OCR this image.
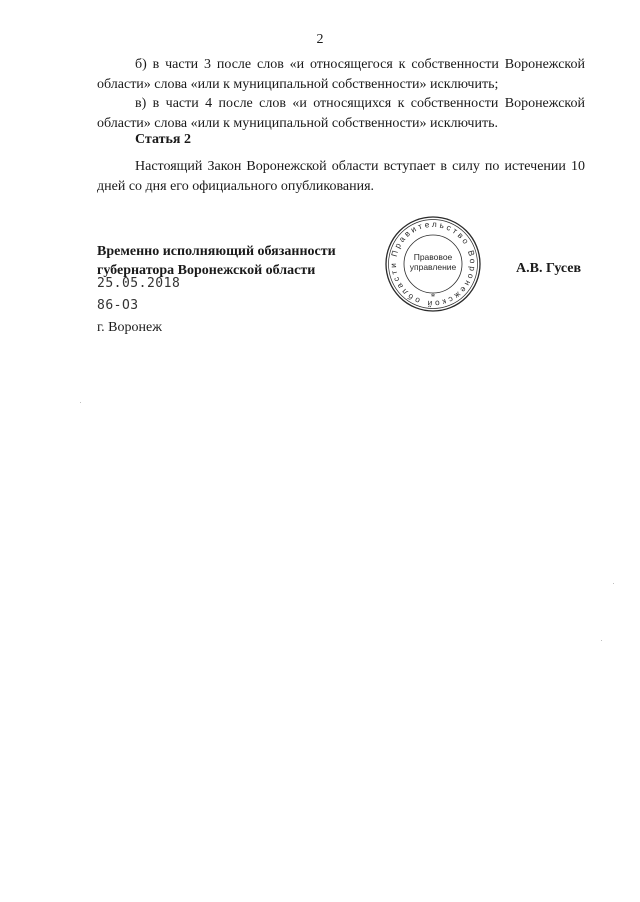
2

б) в части 3 после слов «и относящегося к собственности Воронежской области» слова «или к муниципальной собственности» исключить;

в) в части 4 после слов «и относящихся к собственности Воронежской области» слова «или к муниципальной собственности» исключить.

Статья 2

Настоящий Закон Воронежской области вступает в силу по истечении 10 дней со дня его официального опубликования.

Временно исполняющий обязанности
губернатора Воронежской области
Правительство Воронежской области
Правовое
управление
*
А.В. Гусев
25.05.2018
86-ОЗ
г. Воронеж
